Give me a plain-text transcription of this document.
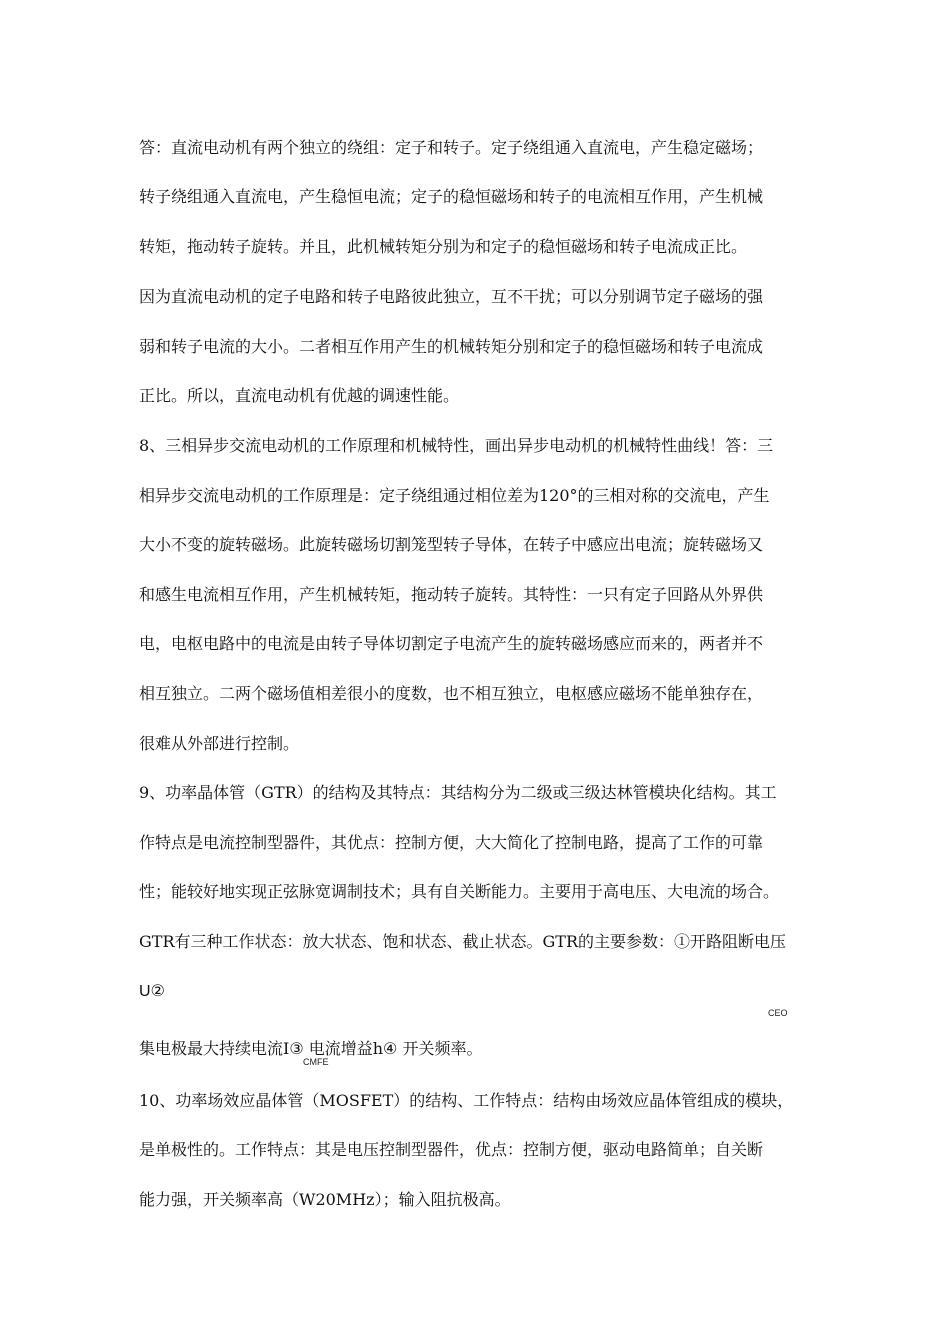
答：直流电动机有两个独立的绕组：定子和转子。定子绕组通入直流电，产生稳定磁场；
转子绕组通入直流电，产生稳恒电流；定子的稳恒磁场和转子的电流相互作用，产生机械
转矩，拖动转子旋转。并且，此机械转矩分别为和定子的稳恒磁场和转子电流成正比。
因为直流电动机的定子电路和转子电路彼此独立，互不干扰；可以分别调节定子磁场的强
弱和转子电流的大小。二者相互作用产生的机械转矩分别和定子的稳恒磁场和转子电流成
正比。所以，直流电动机有优越的调速性能。
8、三相异步交流电动机的工作原理和机械特性，画出异步电动机的机械特性曲线！答：三
相异步交流电动机的工作原理是：定子绕组通过相位差为120°的三相对称的交流电，产生
大小不变的旋转磁场。此旋转磁场切割笼型转子导体，在转子中感应出电流；旋转磁场又
和感生电流相互作用，产生机械转矩，拖动转子旋转。其特性：一只有定子回路从外界供
电，电枢电路中的电流是由转子导体切割定子电流产生的旋转磁场感应而来的，两者并不
相互独立。二两个磁场值相差很小的度数，也不相互独立，电枢感应磁场不能单独存在，
很难从外部进行控制。
9、功率晶体管（GTR）的结构及其特点：其结构分为二级或三级达林管模块化结构。其工
作特点是电流控制型器件，其优点：控制方便，大大简化了控制电路，提高了工作的可靠
性；能较好地实现正弦脉宽调制技术；具有自关断能力。主要用于高电压、大电流的场合。
GTR有三种工作状态：放大状态、饱和状态、截止状态。GTR的主要参数：①开路阻断电压
U②
CEO
集电极最大持续电流I③ 电流增益h④ 开关频率。
CMFE
10、功率场效应晶体管（MOSFET）的结构、工作特点：结构由场效应晶体管组成的模块，
是单极性的。工作特点：其是电压控制型器件，优点：控制方便，驱动电路简单；自关断
能力强，开关频率高（W20MHz）；输入阻抗极高。
